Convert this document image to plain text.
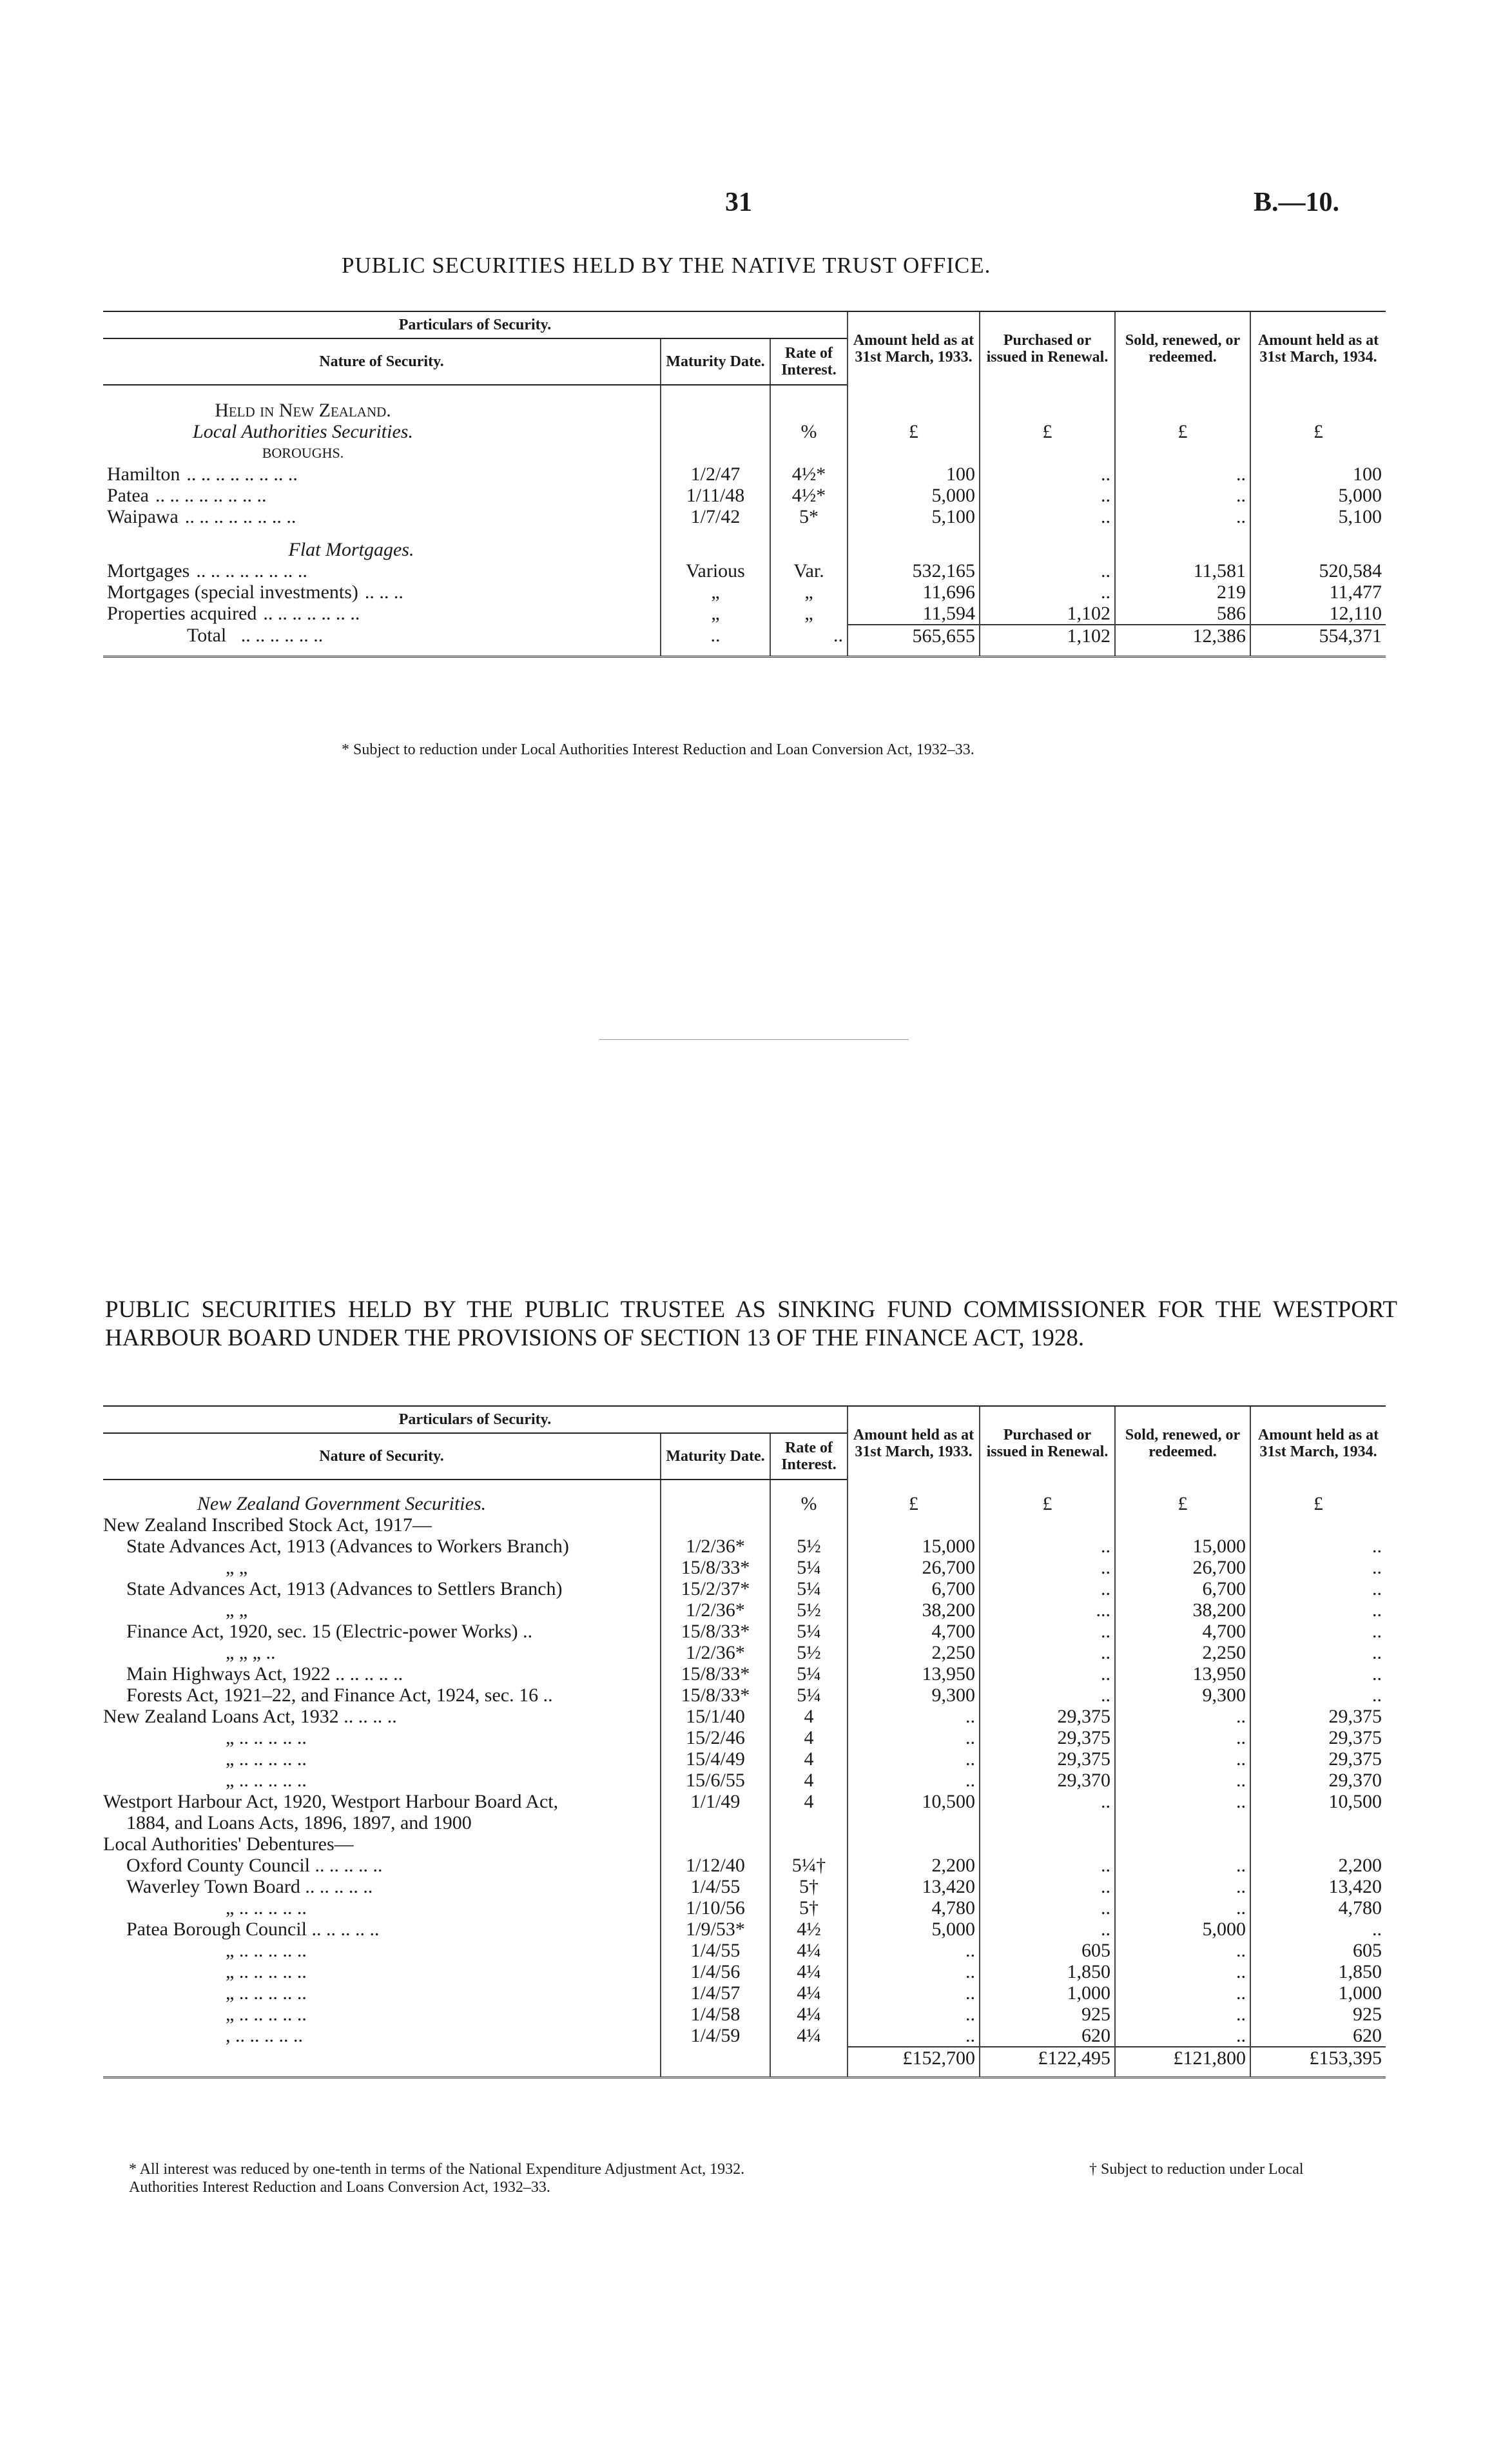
31	B.—10.
PUBLIC SECURITIES HELD BY THE NATIVE TRUST OFFICE.
Particulars of Security.			Amount held as at 31st March, 1933.	Purchased or issued in Renewal.	Sold, renewed, or redeemed.	Amount held as at 31st March, 1934.
Nature of Security.	Maturity Date.	Rate of Interest.				

Held in New Zealand.						
Local Authorities Securities.		%	£	£	£	£
BOROUGHS.						
Hamilton .. .. .. .. .. .. .. ..	1/2/47	4½*	100	..	..	100
Patea .. .. .. .. .. .. .. ..	1/11/48	4½*	5,000	..	..	5,000
Waipawa .. .. .. .. .. .. .. ..	1/7/42	5*	5,100	..	..	5,100

Flat Mortgages.						
Mortgages .. .. .. .. .. .. .. ..	Various	Var.	532,165	..	11,581	520,584
Mortgages (special investments) .. .. ..	„	„	11,696	..	219	11,477
Properties acquired .. .. .. .. .. .. ..	„	„	11,594	1,102	586	12,110
Total .. .. .. .. .. ..	..	..	565,655	1,102	12,386	554,371

* Subject to reduction under Local Authorities Interest Reduction and Loan Conversion Act, 1932–33.
PUBLIC SECURITIES HELD BY THE PUBLIC TRUSTEE AS SINKING FUND COMMISSIONER FOR THE WESTPORT HARBOUR BOARD UNDER THE PROVISIONS OF SECTION 13 OF THE FINANCE ACT, 1928.
Particulars of Security.			Amount held as at 31st March, 1933.	Purchased or issued in Renewal.	Sold, renewed, or redeemed.	Amount held as at 31st March, 1934.
Nature of Security.	Maturity Date.	Rate of Interest.				

New Zealand Government Securities.		%	£	£	£	£
New Zealand Inscribed Stock Act, 1917—						
State Advances Act, 1913 (Advances to Workers Branch)	1/2/36*	5½	15,000	..	15,000	..
„ „	15/8/33*	5¼	26,700	..	26,700	..
State Advances Act, 1913 (Advances to Settlers Branch)	15/2/37*	5¼	6,700	..	6,700	..
„ „	1/2/36*	5½	38,200	...	38,200	..
Finance Act, 1920, sec. 15 (Electric-power Works) ..	15/8/33*	5¼	4,700	..	4,700	..
„ „ „ ..	1/2/36*	5½	2,250	..	2,250	..
Main Highways Act, 1922 .. .. .. .. ..	15/8/33*	5¼	13,950	..	13,950	..
Forests Act, 1921–22, and Finance Act, 1924, sec. 16 ..	15/8/33*	5¼	9,300	..	9,300	..
New Zealand Loans Act, 1932 .. .. .. ..	15/1/40	4	..	29,375	..	29,375
„ .. .. .. .. ..	15/2/46	4	..	29,375	..	29,375
„ .. .. .. .. ..	15/4/49	4	..	29,375	..	29,375
„ .. .. .. .. ..	15/6/55	4	..	29,370	..	29,370
Westport Harbour Act, 1920, Westport Harbour Board Act,	1/1/49	4	10,500	..	..	10,500
1884, and Loans Acts, 1896, 1897, and 1900						
Local Authorities' Debentures—						
Oxford County Council .. .. .. .. ..	1/12/40	5¼†	2,200	..	..	2,200
Waverley Town Board .. .. .. .. ..	1/4/55	5†	13,420	..	..	13,420
„ .. .. .. .. ..	1/10/56	5†	4,780	..	..	4,780
Patea Borough Council .. .. .. .. ..	1/9/53*	4½	5,000	..	5,000	..
„ .. .. .. .. ..	1/4/55	4¼	..	605	..	605
„ .. .. .. .. ..	1/4/56	4¼	..	1,850	..	1,850
„ .. .. .. .. ..	1/4/57	4¼	..	1,000	..	1,000
„ .. .. .. .. ..	1/4/58	4¼	..	925	..	925
, .. .. .. .. ..	1/4/59	4¼	..	620	..	620
			£152,700	£122,495	£121,800	£153,395

* All interest was reduced by one-tenth in terms of the National Expenditure Adjustment Act, 1932.	† Subject to reduction under Local
Authorities Interest Reduction and Loans Conversion Act, 1932–33.
